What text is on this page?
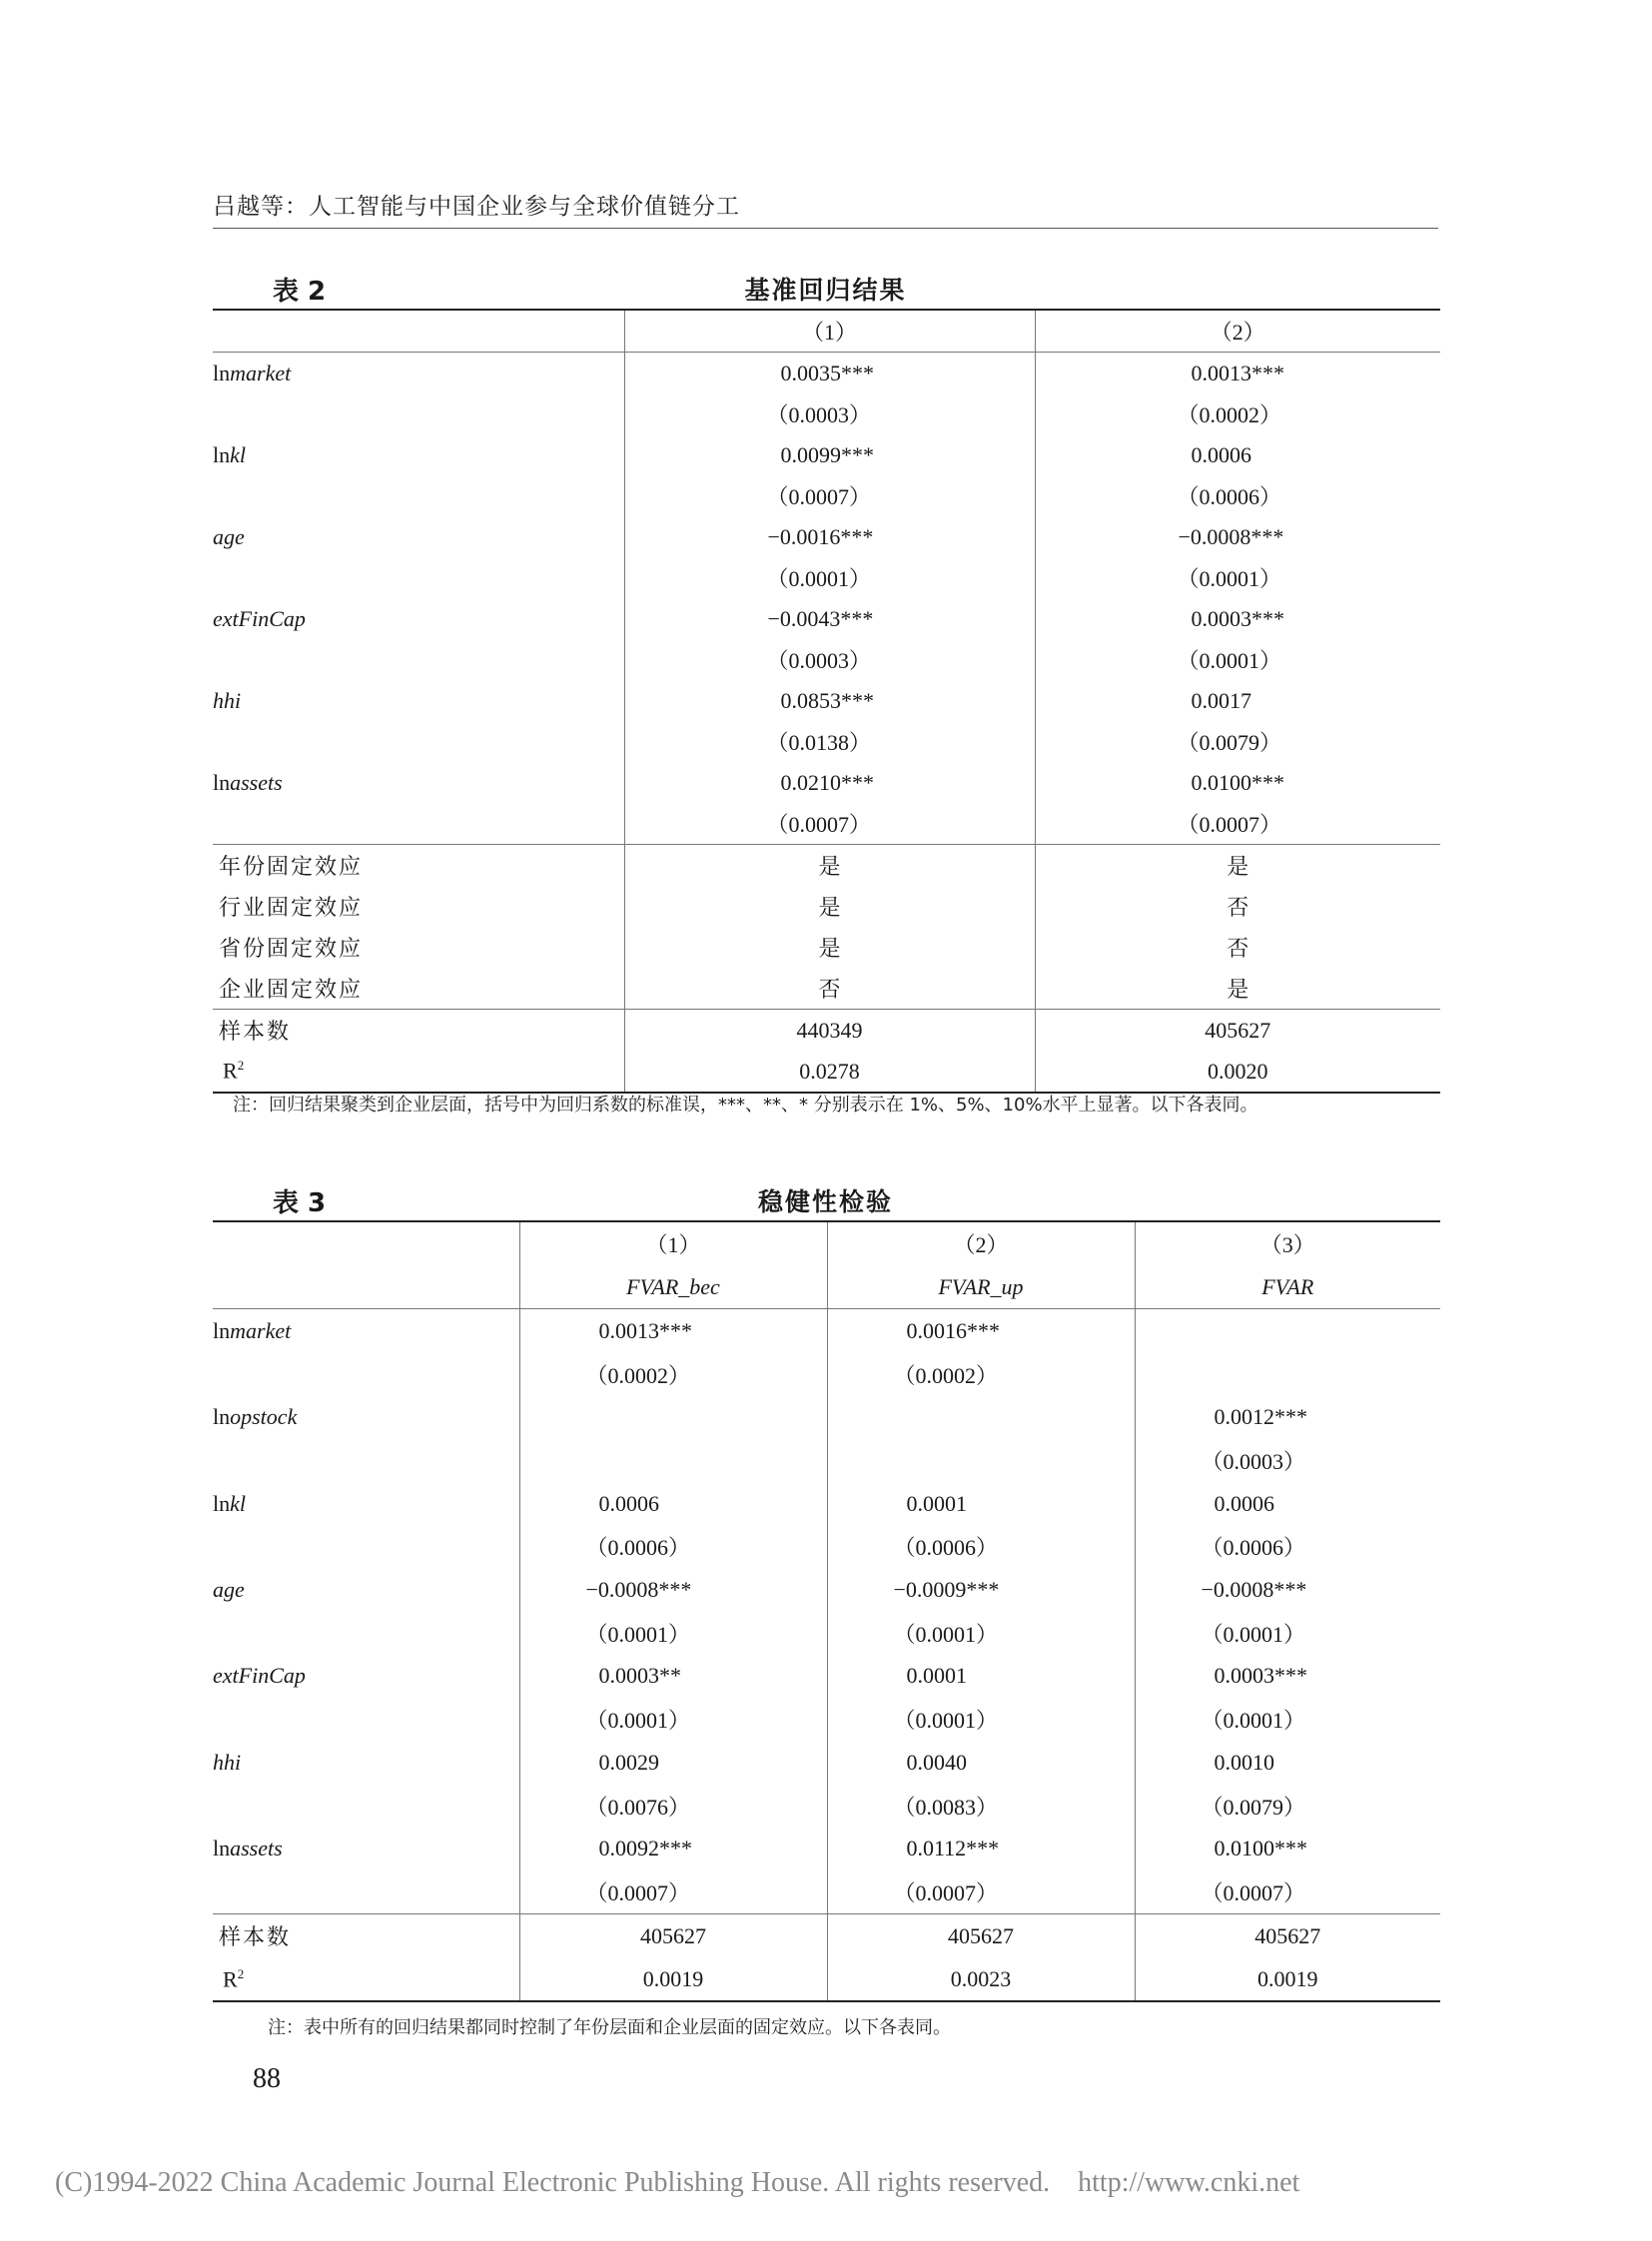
吕越等：人工智能与中国企业参与全球价值链分工
表 2	基准回归结果
	（1）	（2）
lnmarket	0.0035***	0.0013***
	（0.0003）	（0.0002）
lnkl	0.0099***	0.0006
	（0.0007）	（0.0006）
age	−0.0016***	−0.0008***
	（0.0001）	（0.0001）
extFinCap	−0.0043***	0.0003***
	（0.0003）	（0.0001）
hhi	0.0853***	0.0017
	（0.0138）	（0.0079）
lnassets	0.0210***	0.0100***
	（0.0007）	（0.0007）
年份固定效应	是	是
行业固定效应	是	否
省份固定效应	是	否
企业固定效应	否	是
样本数	440349	405627
$R^2$	0.0278	0.0020
注：回归结果聚类到企业层面，括号中为回归系数的标准误，***、**、* 分别表示在 1%、5%、10%水平上显著。以下各表同。
表 3	稳健性检验
	（1）	（2）	（3）
	FVAR_bec	FVAR_up	FVAR
lnmarket	0.0013***	0.0016***	
	（0.0002）	（0.0002）	
lnopstock			0.0012***
			（0.0003）
lnkl	0.0006	0.0001	0.0006
	（0.0006）	（0.0006）	（0.0006）
age	−0.0008***	−0.0009***	−0.0008***
	（0.0001）	（0.0001）	（0.0001）
extFinCap	0.0003**	0.0001	0.0003***
	（0.0001）	（0.0001）	（0.0001）
hhi	0.0029	0.0040	0.0010
	（0.0076）	（0.0083）	（0.0079）
lnassets	0.0092***	0.0112***	0.0100***
	（0.0007）	（0.0007）	（0.0007）
样本数	405627	405627	405627
$R^2$	0.0019	0.0023	0.0019
注：表中所有的回归结果都同时控制了年份层面和企业层面的固定效应。以下各表同。
88
(C)1994-2022 China Academic Journal Electronic Publishing House. All rights reserved. http://www.cnki.net
